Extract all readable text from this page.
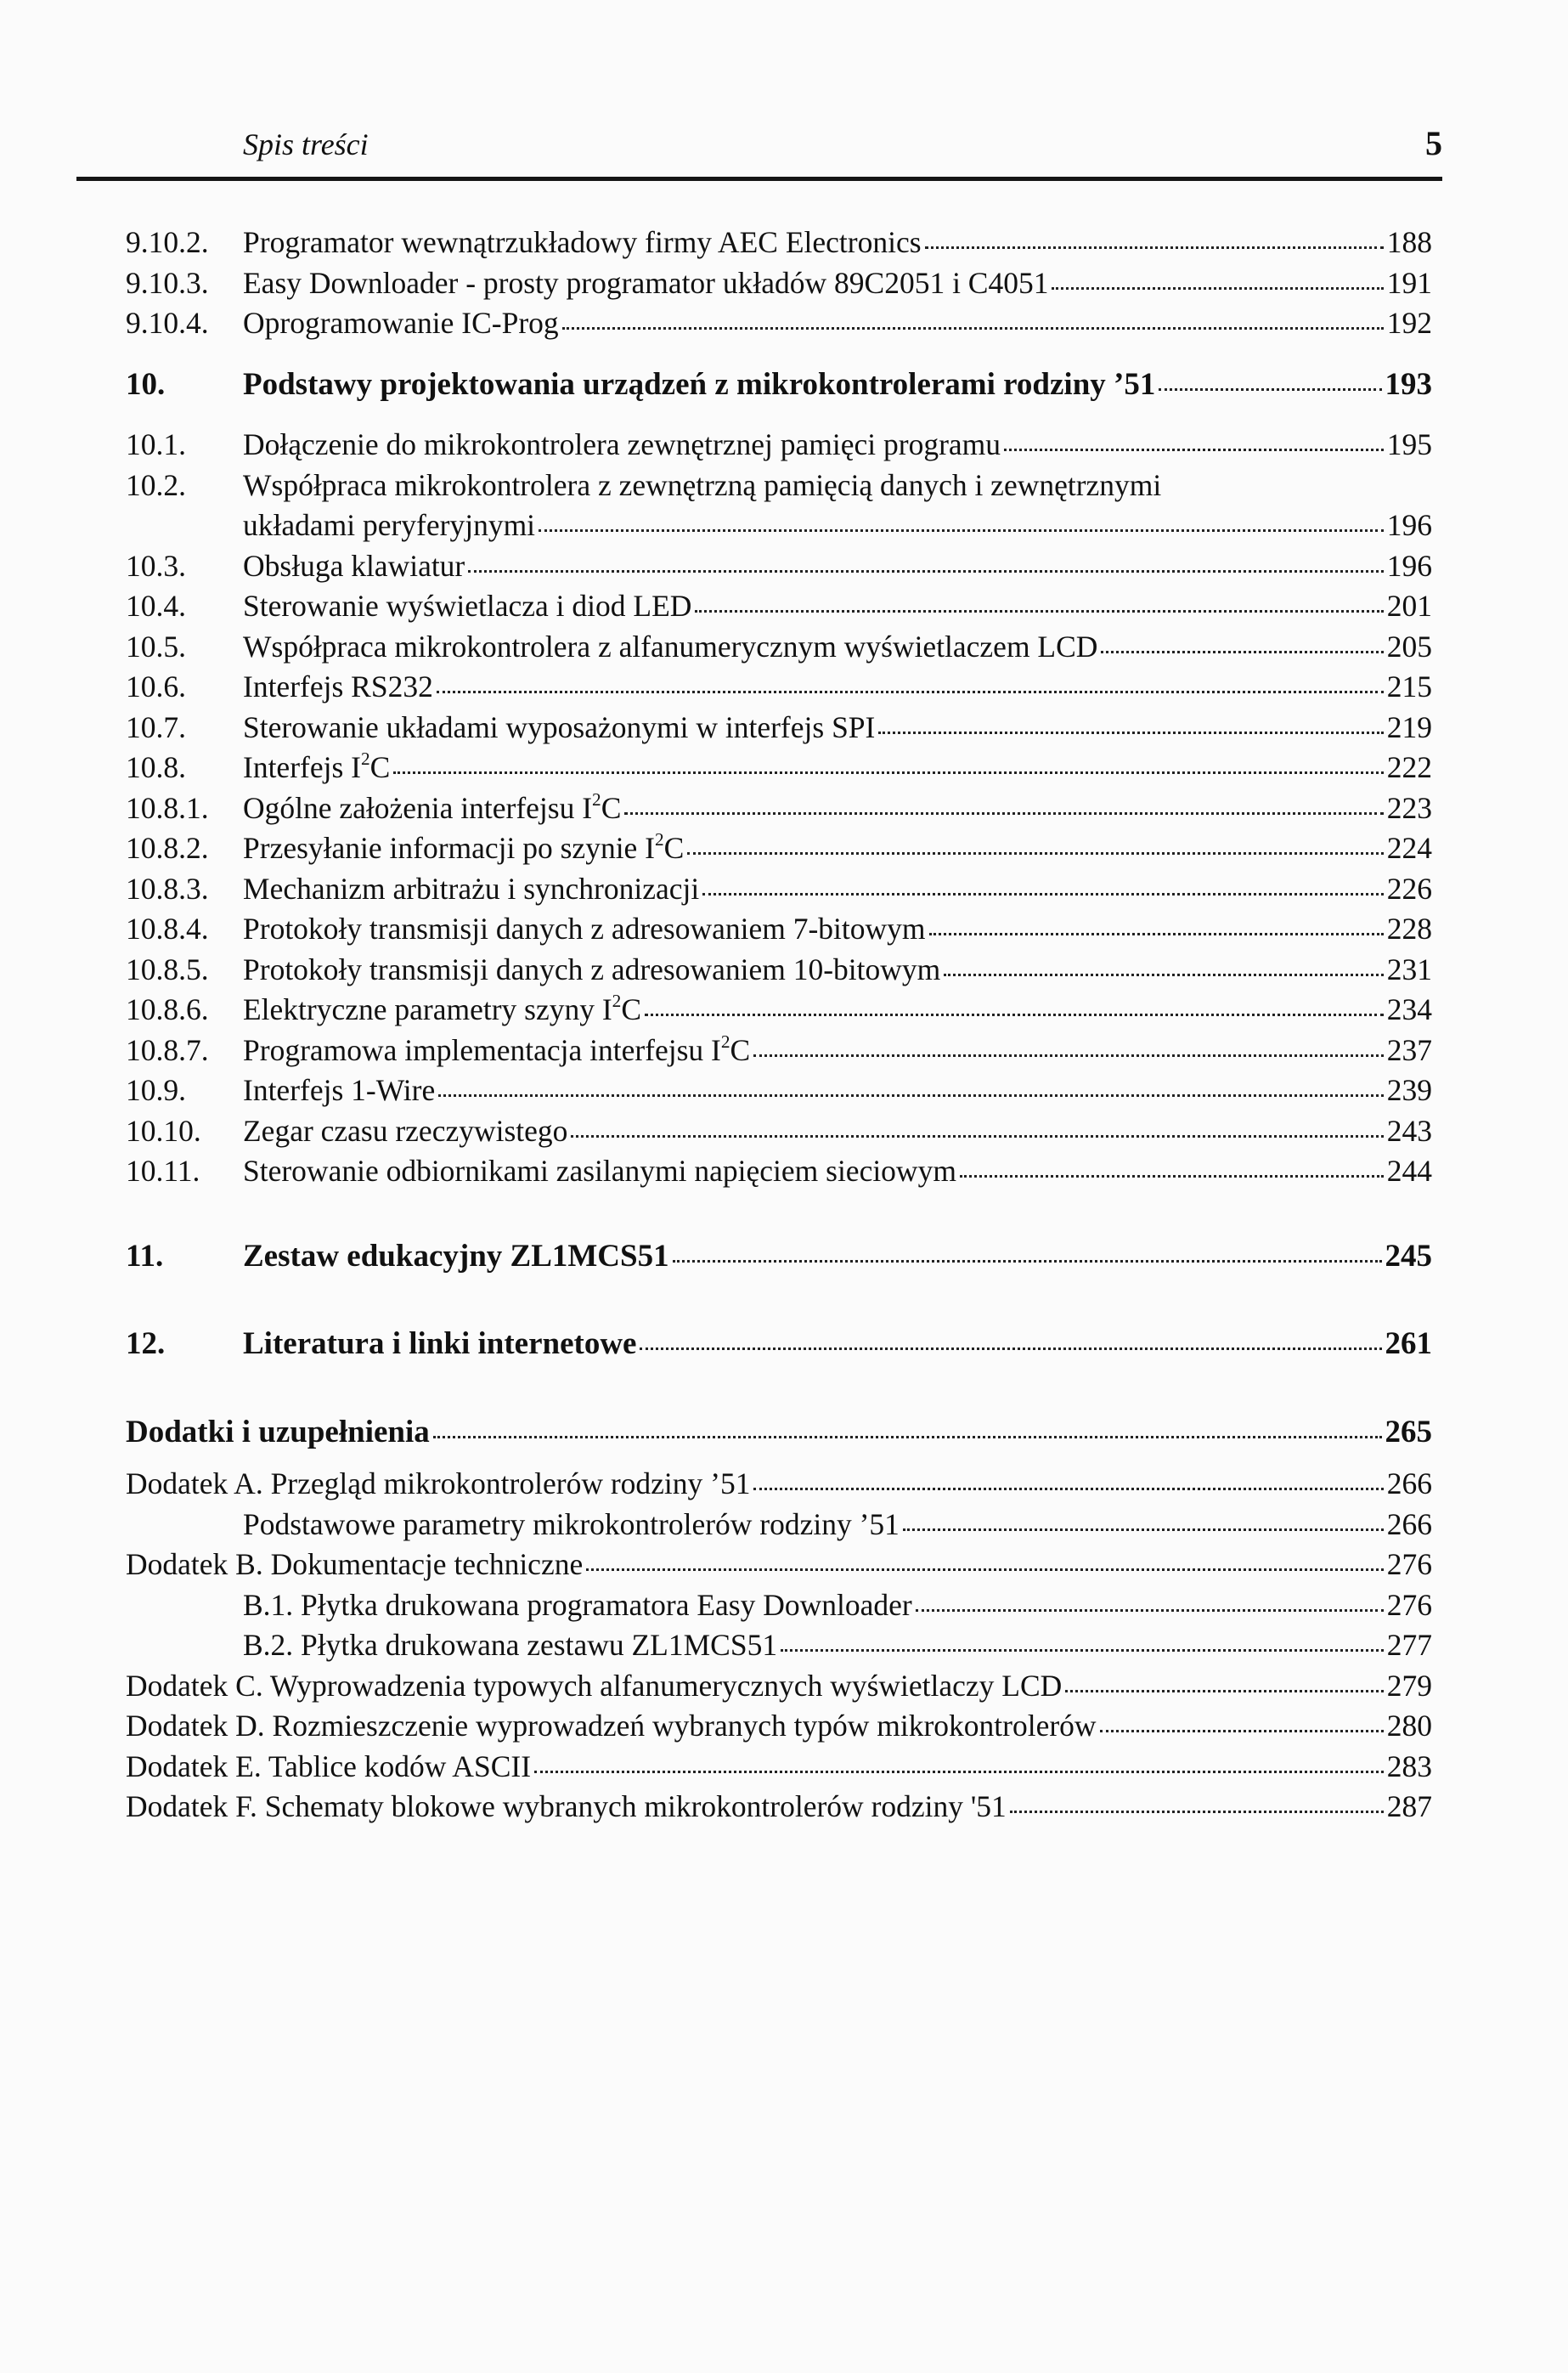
Spis treści	5
9.10.2.	Programator wewnątrzukładowy firmy AEC Electronics	188
9.10.3.	Easy Downloader - prosty programator układów 89C2051 i C4051	191
9.10.4.	Oprogramowanie IC-Prog	192
10.	Podstawy projektowania urządzeń z mikrokontrolerami rodziny ’51	193
10.1.	Dołączenie do mikrokontrolera zewnętrznej pamięci programu	195
10.2.	Współpraca mikrokontrolera z zewnętrzną pamięcią danych i zewnętrznymi
układami peryferyjnymi	196
10.3.	Obsługa klawiatur	196
10.4.	Sterowanie wyświetlacza i diod LED	201
10.5.	Współpraca mikrokontrolera z alfanumerycznym wyświetlaczem LCD	205
10.6.	Interfejs RS232	215
10.7.	Sterowanie układami wyposażonymi w interfejs SPI	219
10.8.	Interfejs $I^2C$	222
10.8.1.	Ogólne założenia interfejsu $I^2C$	223
10.8.2.	Przesyłanie informacji po szynie $I^2C$	224
10.8.3.	Mechanizm arbitrażu i synchronizacji	226
10.8.4.	Protokoły transmisji danych z adresowaniem 7-bitowym	228
10.8.5.	Protokoły transmisji danych z adresowaniem 10-bitowym	231
10.8.6.	Elektryczne parametry szyny $I^2C$	234
10.8.7.	Programowa implementacja interfejsu $I^2C$	237
10.9.	Interfejs 1-Wire	239
10.10.	Zegar czasu rzeczywistego	243
10.11.	Sterowanie odbiornikami zasilanymi napięciem sieciowym	244
11.	Zestaw edukacyjny ZL1MCS51	245
12.	Literatura i linki internetowe	261
Dodatki i uzupełnienia	265
Dodatek A. Przegląd mikrokontrolerów rodziny ’51	266
Podstawowe parametry mikrokontrolerów rodziny ’51	266
Dodatek B. Dokumentacje techniczne	276
B.1. Płytka drukowana programatora Easy Downloader	276
B.2. Płytka drukowana zestawu ZL1MCS51	277
Dodatek C. Wyprowadzenia typowych alfanumerycznych wyświetlaczy LCD	279
Dodatek D. Rozmieszczenie wyprowadzeń wybranych typów mikrokontrolerów	280
Dodatek E. Tablice kodów ASCII	283
Dodatek F. Schematy blokowe wybranych mikrokontrolerów rodziny '51	287
